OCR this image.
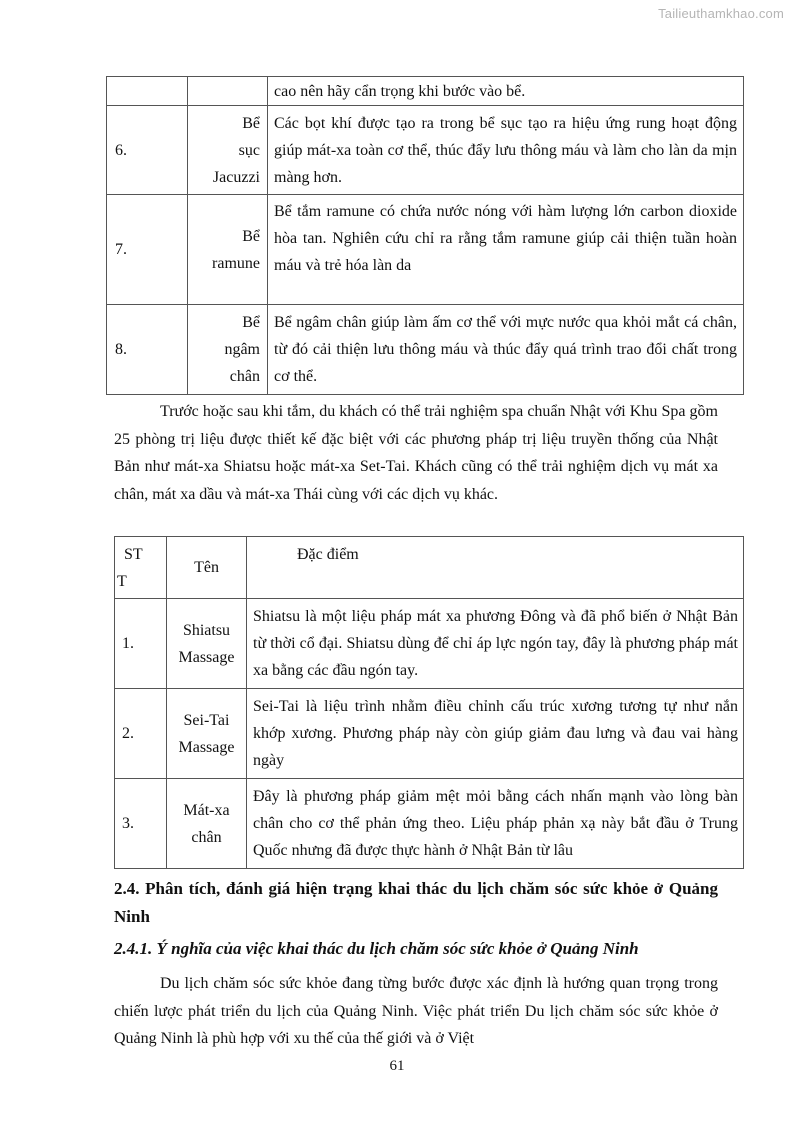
Tailieuthamkhao.com
		cao nên hãy cẩn trọng khi bước vào bể.
6.	Bể sục Jacuzzi	Các bọt khí được tạo ra trong bể sục tạo ra hiệu ứng rung hoạt động giúp mát-xa toàn cơ thể, thúc đẩy lưu thông máu và làm cho làn da mịn màng hơn.
7.	Bể ramune	Bể tắm ramune có chứa nước nóng với hàm lượng lớn carbon dioxide hòa tan. Nghiên cứu chỉ ra rằng tắm ramune giúp cải thiện tuần hoàn máu và trẻ hóa làn da
8.	Bể ngâm chân	Bể ngâm chân giúp làm ấm cơ thể với mực nước qua khỏi mắt cá chân, từ đó cải thiện lưu thông máu và thúc đẩy quá trình trao đổi chất trong cơ thể.
Trước hoặc sau khi tắm, du khách có thể trải nghiệm spa chuẩn Nhật với Khu Spa gồm 25 phòng trị liệu được thiết kế đặc biệt với các phương pháp trị liệu truyền thống của Nhật Bản như mát-xa Shiatsu hoặc mát-xa Set-Tai. Khách cũng có thể trải nghiệm dịch vụ mát xa chân, mát xa dầu và mát-xa Thái cùng với các dịch vụ khác.
STT	Tên	Đặc điểm
1.	Shiatsu Massage	Shiatsu là một liệu pháp mát xa phương Đông và đã phổ biến ở Nhật Bản từ thời cổ đại. Shiatsu dùng để chỉ áp lực ngón tay, đây là phương pháp mát xa bằng các đầu ngón tay.
2.	Sei-Tai Massage	Sei-Tai là liệu trình nhằm điều chỉnh cấu trúc xương tương tự như nắn khớp xương. Phương pháp này còn giúp giảm đau lưng và đau vai hàng ngày
3.	Mát-xa chân	Đây là phương pháp giảm mệt mỏi bằng cách nhấn mạnh vào lòng bàn chân cho cơ thể phản ứng theo. Liệu pháp phản xạ này bắt đầu ở Trung Quốc nhưng đã được thực hành ở Nhật Bản từ lâu
2.4. Phân tích, đánh giá hiện trạng khai thác du lịch chăm sóc sức khỏe ở Quảng Ninh
2.4.1. Ý nghĩa của việc khai thác du lịch chăm sóc sức khỏe ở Quảng Ninh
Du lịch chăm sóc sức khỏe đang từng bước được xác định là hướng quan trọng trong chiến lược phát triển du lịch của Quảng Ninh. Việc phát triển Du lịch chăm sóc sức khỏe ở Quảng Ninh là phù hợp với xu thế của thế giới và ở Việt
61
